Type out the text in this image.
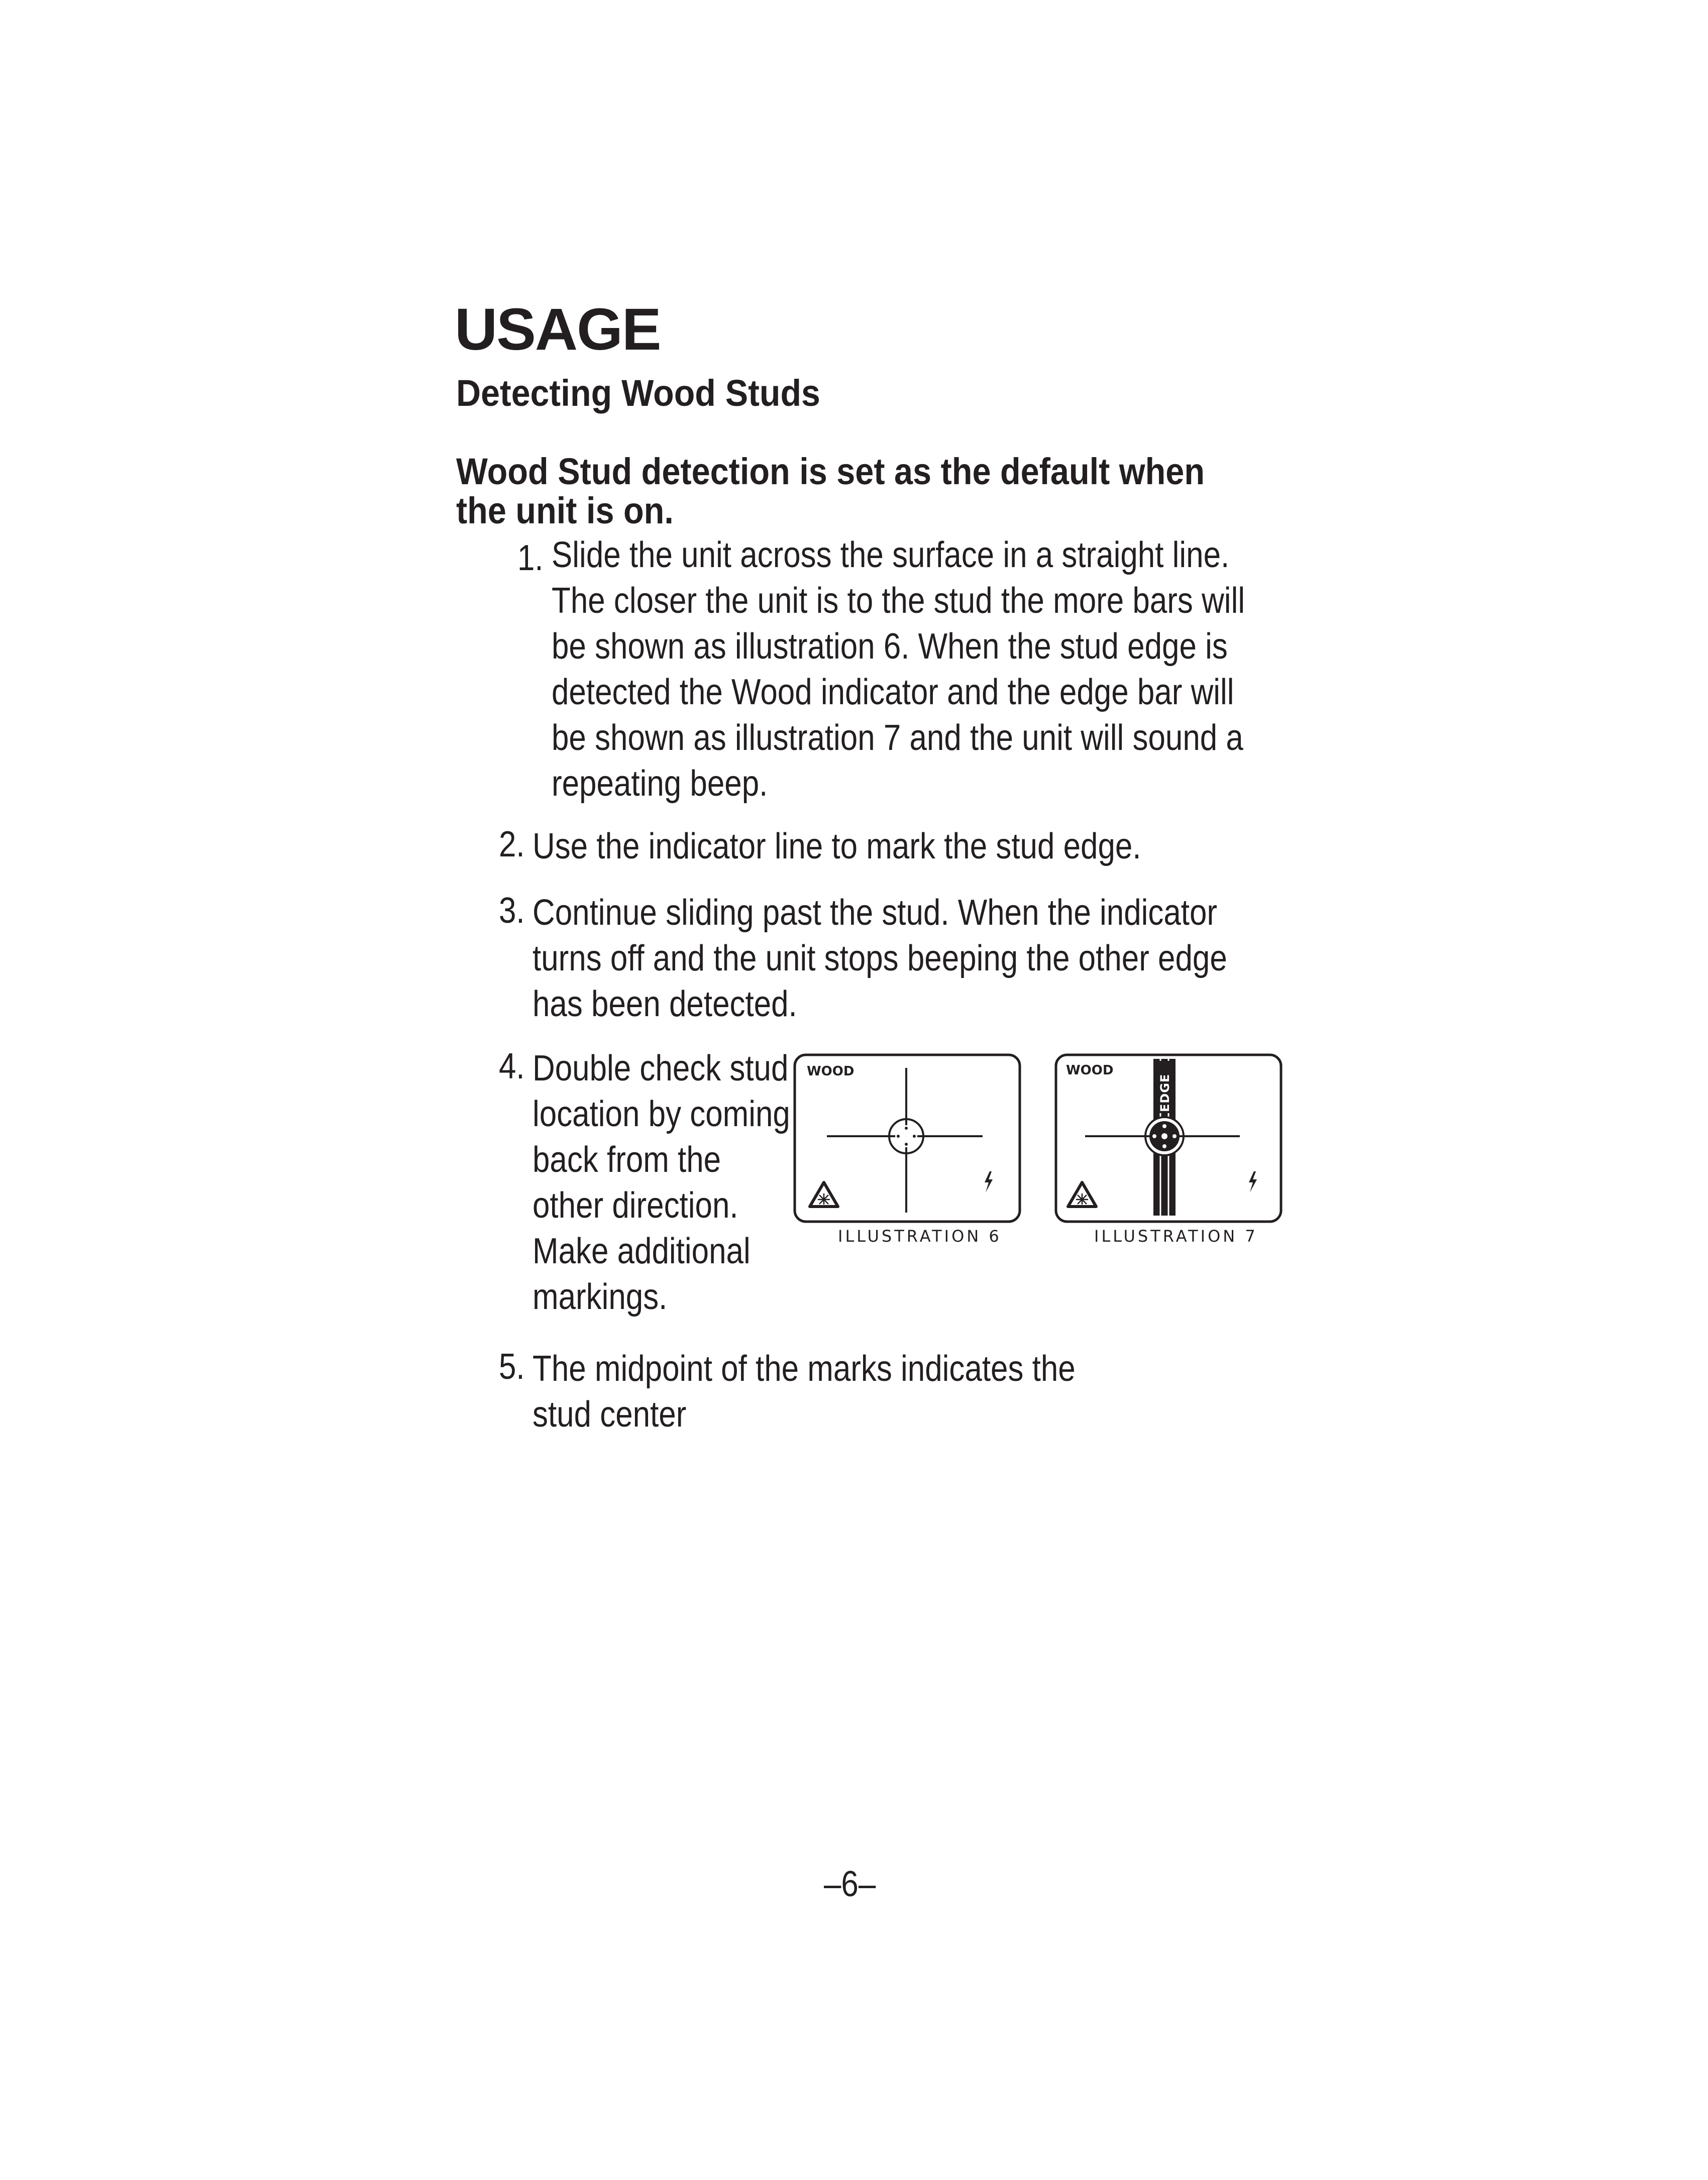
USAGE
Detecting Wood Studs
Wood Stud detection is set as the default when
the unit is on.
1. Slide the unit across the surface in a straight line.
The closer the unit is to the stud the more bars will
be shown as illustration 6. When the stud edge is
detected the Wood indicator and the edge bar will
be shown as illustration 7 and the unit will sound a
repeating beep.
2. Use the indicator line to mark the stud edge.
3. Continue sliding past the stud. When the indicator
turns off and the unit stops beeping the other edge
has been detected.
4. Double check stud
location by coming
back from the
other direction.
Make additional
markings.
WOOD
ILLUSTRATION 6
WOOD
EDGE
ILLUSTRATION 7
5. The midpoint of the marks indicates the
stud center
–6–
